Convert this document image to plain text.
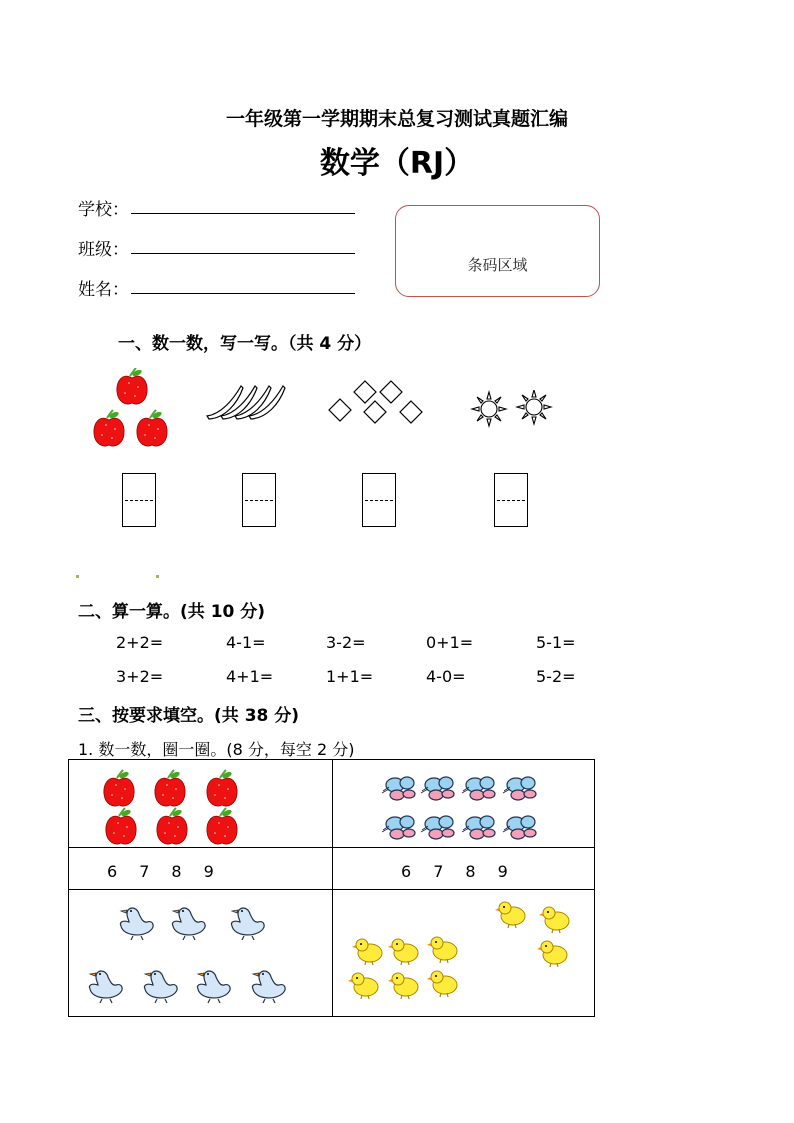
一年级第一学期期末总复习测试真题汇编
数学（RJ）
学校：
班级：
姓名：
条码区域
一、数一数，写一写。（共 4 分）
二、算一算。(共 10 分)
2+2=	4-1=	3-2=	0+1=	5-1=
3+2=	4+1=	1+1=	4-0=	5-2=
三、按要求填空。(共 38 分)
1. 数一数，圈一圈。(8 分，每空 2 分)

6 7 8 9	6 7 8 9
